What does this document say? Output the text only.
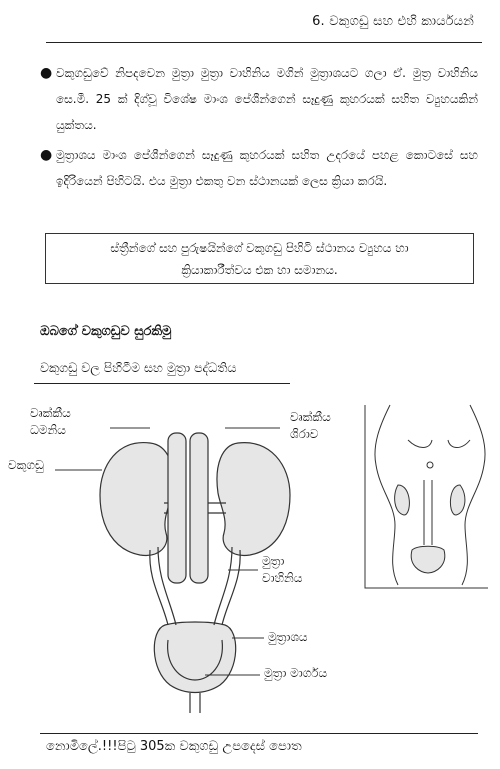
6. වකුගඩු සහ එහි කාර්යයන්
● වකුගඩුවේ නිපදවෙන මුත්‍රා මුත්‍රා වාහිනිය මගින් මුත්‍රාශයට ගලා ඒ. මුත්‍ර වාහිනිය සෙ.මී. 25 ක් දිග්වූ විශේෂ මාංශ පේශීන්ගෙන් සෑදුණු කුහරයක් සහිත ව්‍යුහයකින් යුක්තය.
● මුත්‍රාශය මාංශ පේශීන්ගෙන් සෑදුණු කුහරයක් සහිත උදරයේ පහළ කොටසේ සහ ඉදිරියෙන් පිහිටයි. එය මුත්‍රා එකතු වන ස්ථානයක් ලෙස ක්‍රියා කරයි.
ස්ත්‍රීන්ගේ සහ පුරුෂයින්ගේ වකුගඩු පිහිටි ස්ථානය ව්‍යුහය හා
ක්‍රියාකාරීත්වය එක හා සමානය.
ඔබගේ වකුගඩුව සුරකිමු
වකුගඩු වල පිහිටීම සහ මුත්‍රා පද්ධතිය
වෘක්කීය
ධමනිය
වකුගඩු
වෘක්කීය
ශිරාව
මුත්‍රා
වාහිනිය
මුත්‍රාශය
මුත්‍රා මාර්ගය
නොමිලේ.!!!පිටු 305ක වකුගඩු උපදෙස් පොත
